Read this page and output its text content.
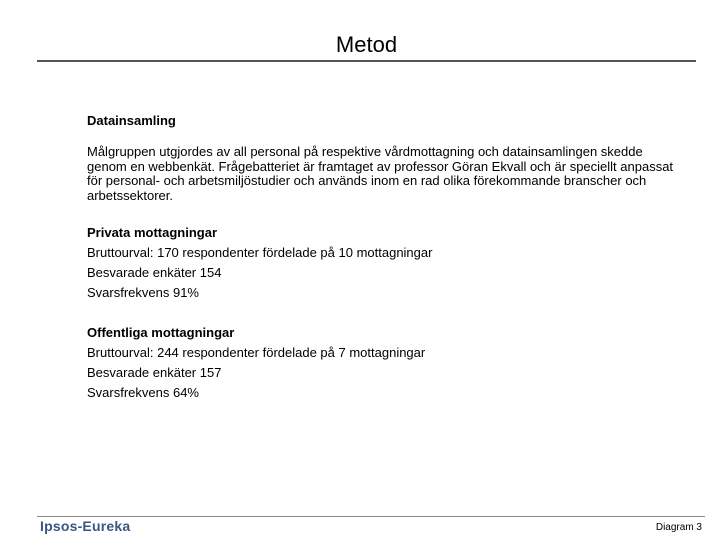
Metod

Datainsamling

Målgruppen utgjordes av all personal på respektive vårdmottagning och datainsamlingen skedde genom en webbenkät. Frågebatteriet är framtaget av professor Göran Ekvall och är speciellt anpassat för personal- och arbetsmiljöstudier och används inom en rad olika förekommande branscher och arbetssektorer.

Privata mottagningar

Bruttourval: 170 respondenter fördelade på 10 mottagningar

Besvarade enkäter 154

Svarsfrekvens 91%

Offentliga mottagningar

Bruttourval: 244 respondenter fördelade på 7 mottagningar

Besvarade enkäter 157

Svarsfrekvens 64%

Ipsos-Eureka	Diagram 3
